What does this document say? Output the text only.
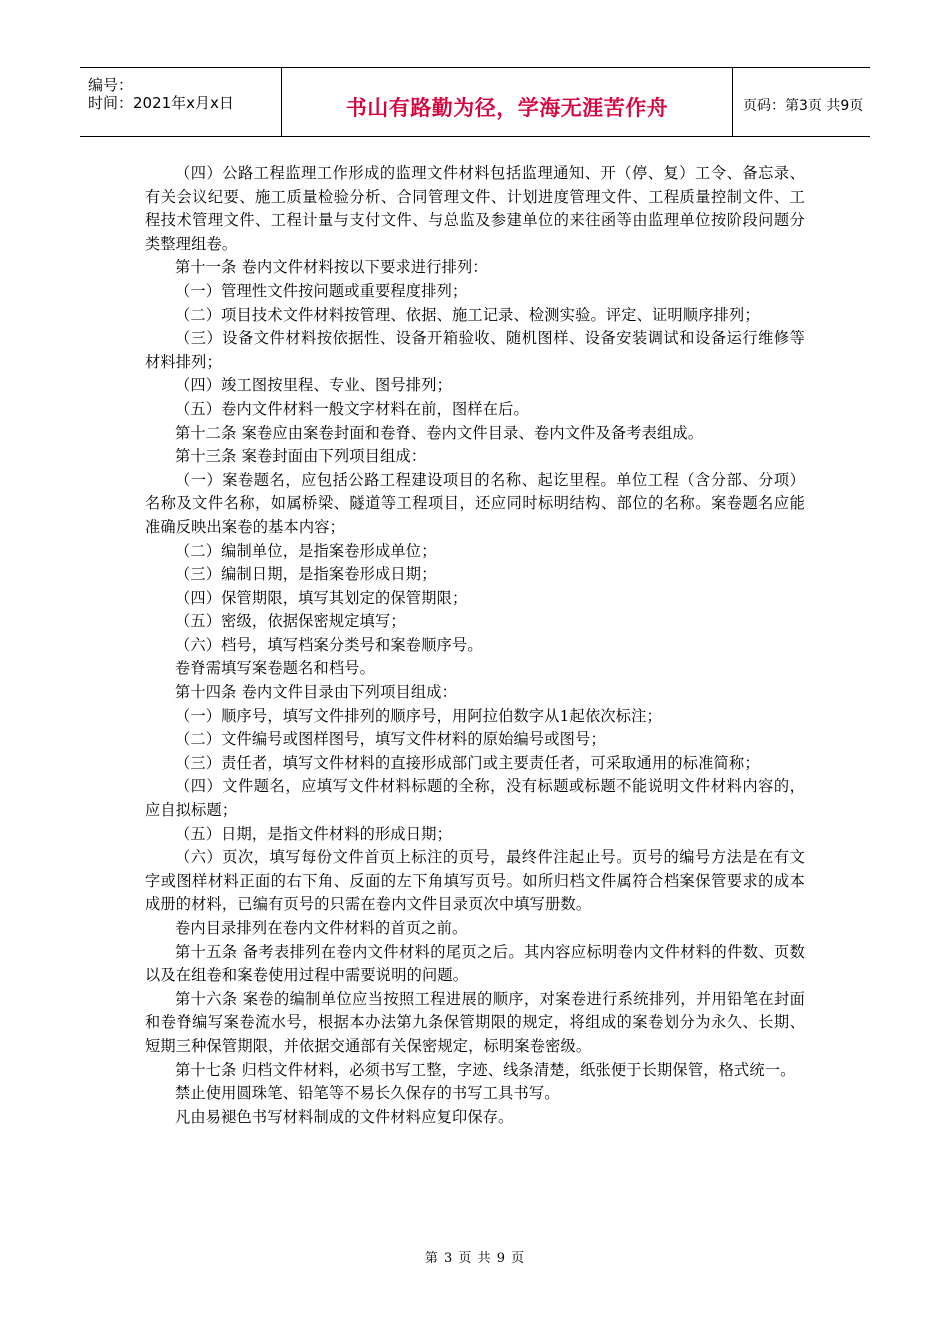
编号：
时间：2021年x月x日	书山有路勤为径，学海无涯苦作舟	页码：第3页 共9页

（四）公路工程监理工作形成的监理文件材料包括监理通知、开（停、复）工令、备忘录、有关会议纪要、施工质量检验分析、合同管理文件、计划进度管理文件、工程质量控制文件、工程技术管理文件、工程计量与支付文件、与总监及参建单位的来往函等由监理单位按阶段问题分类整理组卷。

第十一条 卷内文件材料按以下要求进行排列：

（一）管理性文件按问题或重要程度排列；

（二）项目技术文件材料按管理、依据、施工记录、检测实验。评定、证明顺序排列；

（三）设备文件材料按依据性、设备开箱验收、随机图样、设备安装调试和设备运行维修等材料排列；

（四）竣工图按里程、专业、图号排列；

（五）卷内文件材料一般文字材料在前，图样在后。

第十二条 案卷应由案卷封面和卷脊、卷内文件目录、卷内文件及备考表组成。

第十三条 案卷封面由下列项目组成：

（一）案卷题名，应包括公路工程建设项目的名称、起讫里程。单位工程（含分部、分项）名称及文件名称，如属桥梁、隧道等工程项目，还应同时标明结构、部位的名称。案卷题名应能准确反映出案卷的基本内容；

（二）编制单位，是指案卷形成单位；

（三）编制日期，是指案卷形成日期；

（四）保管期限，填写其划定的保管期限；

（五）密级，依据保密规定填写；

（六）档号，填写档案分类号和案卷顺序号。

卷脊需填写案卷题名和档号。

第十四条 卷内文件目录由下列项目组成：

（一）顺序号，填写文件排列的顺序号，用阿拉伯数字从1起依次标注；

（二）文件编号或图样图号，填写文件材料的原始编号或图号；

（三）责任者，填写文件材料的直接形成部门或主要责任者，可采取通用的标准简称；

（四）文件题名，应填写文件材料标题的全称，没有标题或标题不能说明文件材料内容的，应自拟标题；

（五）日期，是指文件材料的形成日期；

（六）页次，填写每份文件首页上标注的页号，最终件注起止号。页号的编号方法是在有文字或图样材料正面的右下角、反面的左下角填写页号。如所归档文件属符合档案保管要求的成本成册的材料，已编有页号的只需在卷内文件目录页次中填写册数。

卷内目录排列在卷内文件材料的首页之前。

第十五条 备考表排列在卷内文件材料的尾页之后。其内容应标明卷内文件材料的件数、页数以及在组卷和案卷使用过程中需要说明的问题。

第十六条 案卷的编制单位应当按照工程进展的顺序，对案卷进行系统排列，并用铅笔在封面和卷脊编写案卷流水号，根据本办法第九条保管期限的规定，将组成的案卷划分为永久、长期、短期三种保管期限，并依据交通部有关保密规定，标明案卷密级。

第十七条 归档文件材料，必须书写工整，字迹、线条清楚，纸张便于长期保管，格式统一。

禁止使用圆珠笔、铅笔等不易长久保存的书写工具书写。

凡由易褪色书写材料制成的文件材料应复印保存。

第 3 页 共 9 页
